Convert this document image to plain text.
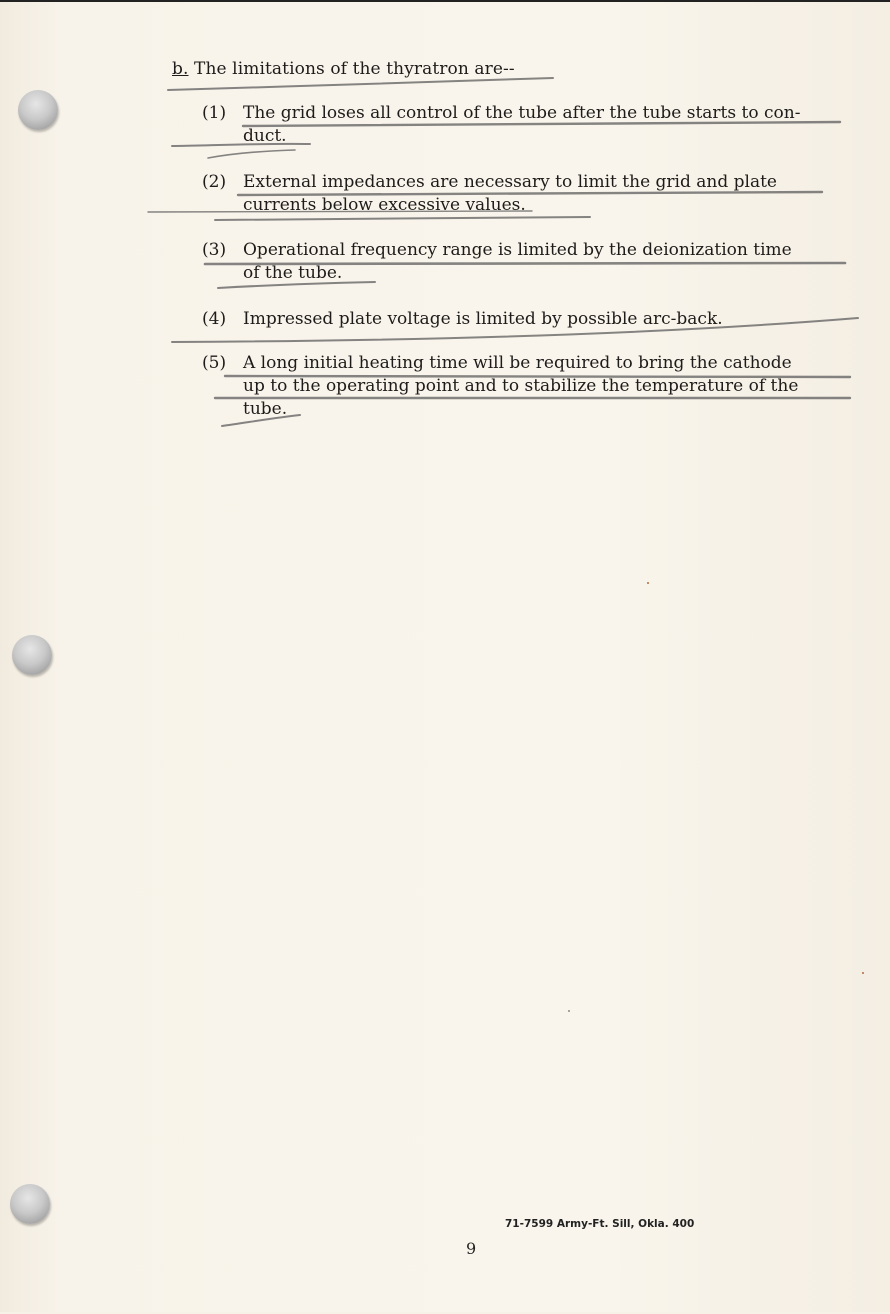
b. The limitations of the thyratron are--
(1) The grid loses all control of the tube after the tube starts to con-
duct.
(2) External impedances are necessary to limit the grid and plate
currents below excessive values.
(3) Operational frequency range is limited by the deionization time
of the tube.
(4) Impressed plate voltage is limited by possible arc-back.
(5) A long initial heating time will be required to bring the cathode
up to the operating point and to stabilize the temperature of the
tube.
71-7599 Army-Ft. Sill, Okla. 400
9
